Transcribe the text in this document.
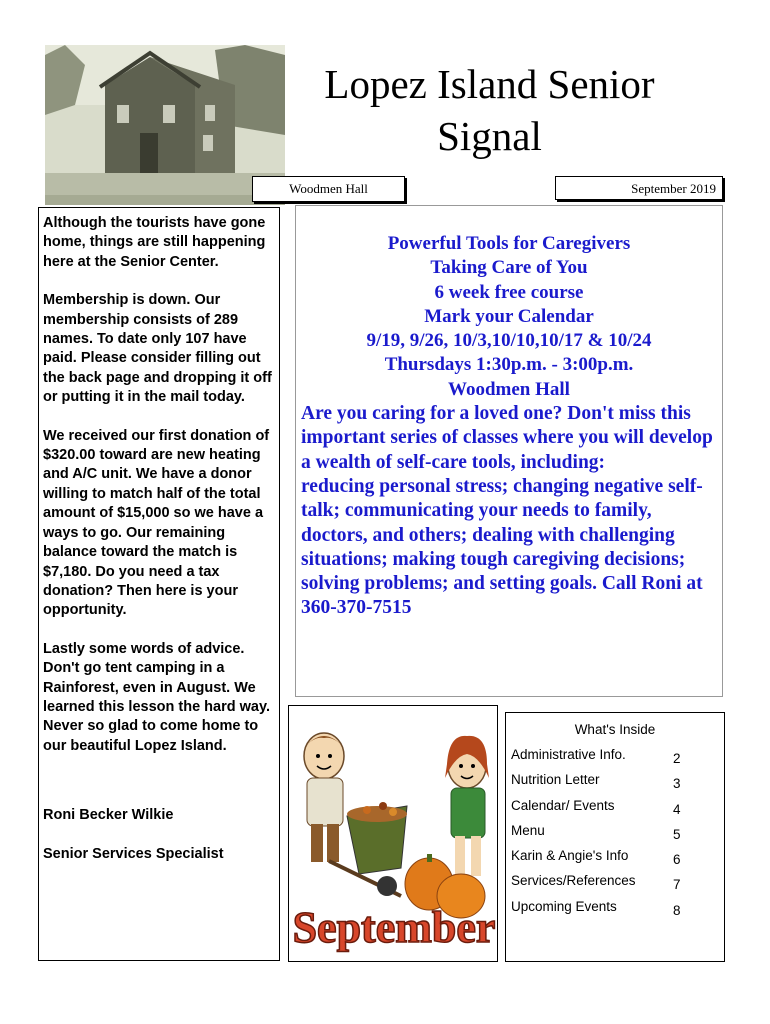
Lopez Island Senior
Signal
Woodmen Hall	September 2019

Although the tourists have gone home, things are still happening here at the Senior Center.

Membership is down. Our membership consists of 289 names. To date only 107 have paid. Please consider filling out the back page and dropping it off or putting it in the mail today.

We received our first donation of $320.00 toward are new heating and A/C unit. We have a donor willing to match half of the total amount of $15,000 so we have a ways to go. Our remaining balance toward the match is $7,180. Do you need a tax donation? Then here is your opportunity.

Lastly some words of advice. Don't go tent camping in a Rainforest, even in August. We learned this lesson the hard way. Never so glad to come home to our beautiful Lopez Island.

Roni Becker Wilkie

Senior Services Specialist

Powerful Tools for Caregivers
Taking Care of You
6 week free course
Mark your Calendar
9/19, 9/26, 10/3,10/10,10/17 & 10/24
Thursdays 1:30p.m. - 3:00p.m.
Woodmen Hall
Are you caring for a loved one? Don't miss this important series of classes where you will develop a wealth of self-care tools, including:
reducing personal stress; changing negative self-talk; communicating your needs to family, doctors, and others; dealing with challenging situations; making tough caregiving decisions; solving problems; and setting goals. Call Roni at 360-370-7515
September
What's Inside
Administrative Info.	2
Nutrition Letter	3
Calendar/ Events	4
Menu	5
Karin & Angie's Info	6
Services/References	7
Upcoming Events	8
